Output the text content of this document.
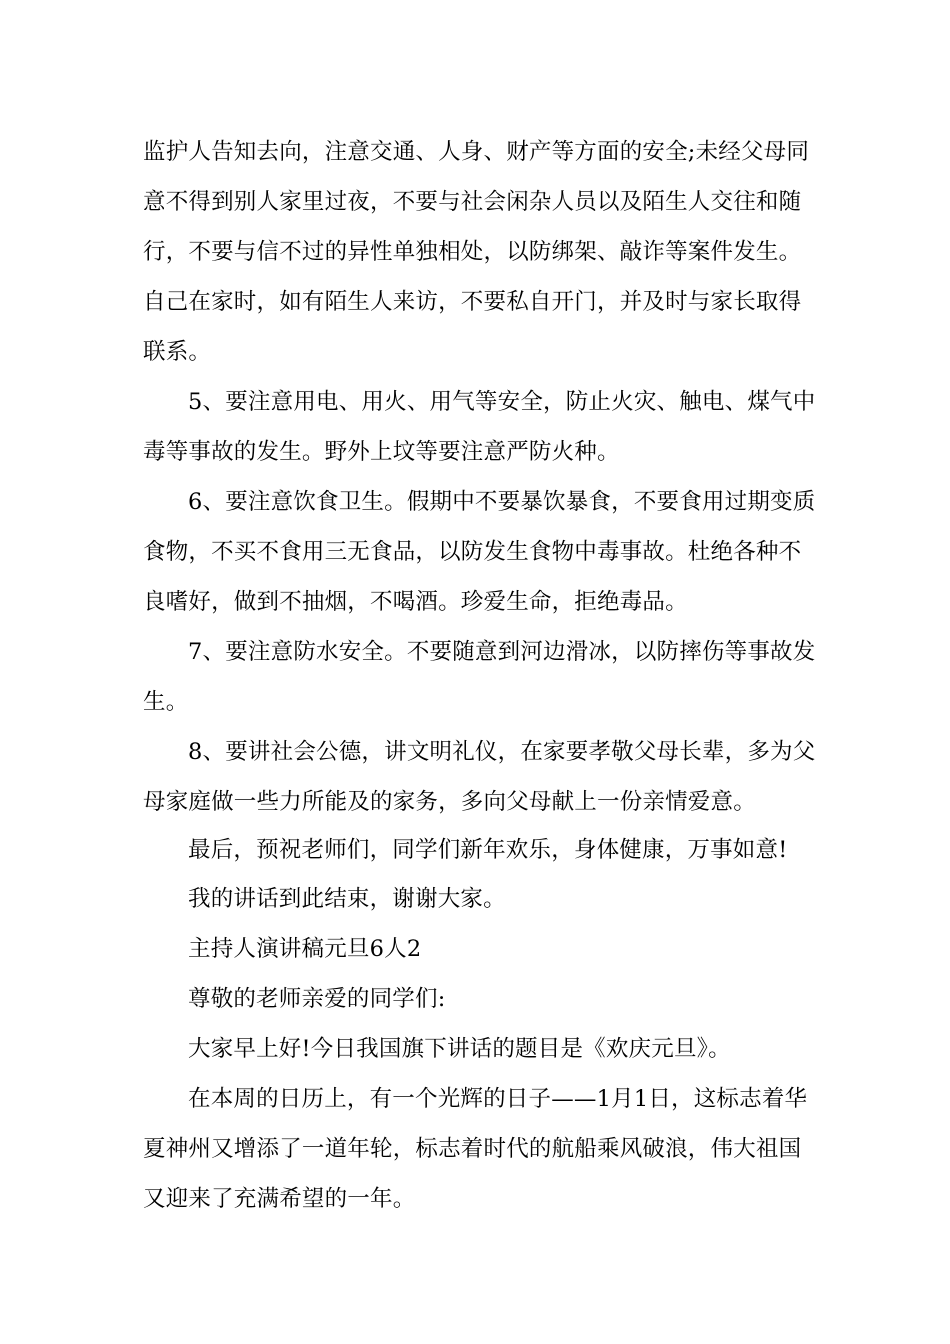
监护人告知去向，注意交通、人身、财产等方面的安全;未经父母同
意不得到别人家里过夜，不要与社会闲杂人员以及陌生人交往和随
行，不要与信不过的异性单独相处，以防绑架、敲诈等案件发生。
自己在家时，如有陌生人来访，不要私自开门，并及时与家长取得
联系。
5、要注意用电、用火、用气等安全，防止火灾、触电、煤气中
毒等事故的发生。野外上坟等要注意严防火种。
6、要注意饮食卫生。假期中不要暴饮暴食，不要食用过期变质
食物，不买不食用三无食品，以防发生食物中毒事故。杜绝各种不
良嗜好，做到不抽烟，不喝酒。珍爱生命，拒绝毒品。
7、要注意防水安全。不要随意到河边滑冰，以防摔伤等事故发
生。
8、要讲社会公德，讲文明礼仪，在家要孝敬父母长辈，多为父
母家庭做一些力所能及的家务，多向父母献上一份亲情爱意。
最后，预祝老师们，同学们新年欢乐，身体健康，万事如意!
我的讲话到此结束，谢谢大家。
主持人演讲稿元旦6人2
尊敬的老师亲爱的同学们:
大家早上好!今日我国旗下讲话的题目是《欢庆元旦》。
在本周的日历上，有一个光辉的日子——1月1日，这标志着华
夏神州又增添了一道年轮，标志着时代的航船乘风破浪，伟大祖国
又迎来了充满希望的一年。
